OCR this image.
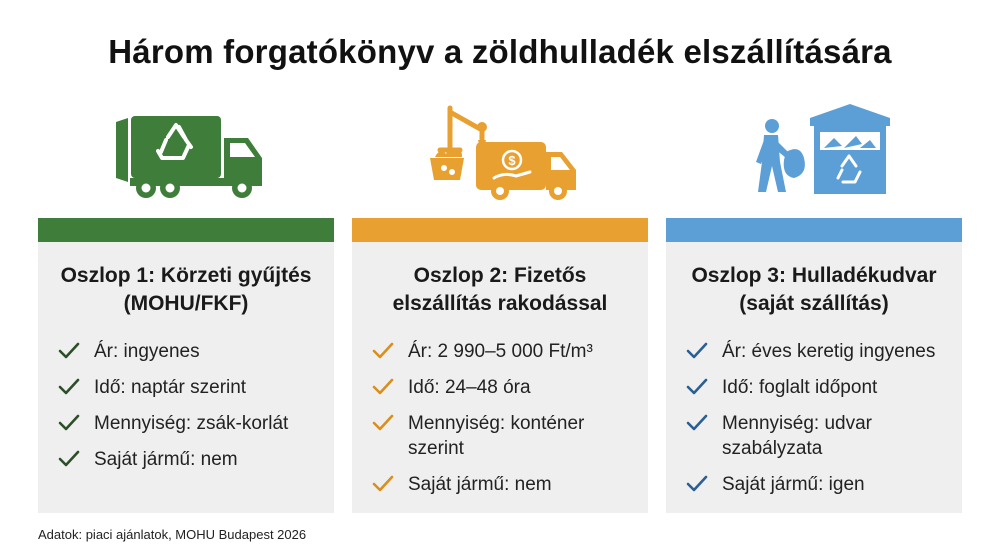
Három forgatókönyv a zöldhulladék elszállítására
Oszlop 1: Körzeti gyűjtés
(MOHU/FKF)
Ár: ingyenes
Idő: naptár szerint
Mennyiség: zsák-korlát
Saját jármű: nem
$
Oszlop 2: Fizetős
elszállítás rakodással
Ár: 2 990–5 000 Ft/m³
Idő: 24–48 óra
Mennyiség: konténer szerint
Saját jármű: nem
Oszlop 3: Hulladékudvar
(saját szállítás)
Ár: éves keretig ingyenes
Idő: foglalt időpont
Mennyiség: udvar szabályzata
Saját jármű: igen
Adatok: piaci ajánlatok, MOHU Budapest 2026
